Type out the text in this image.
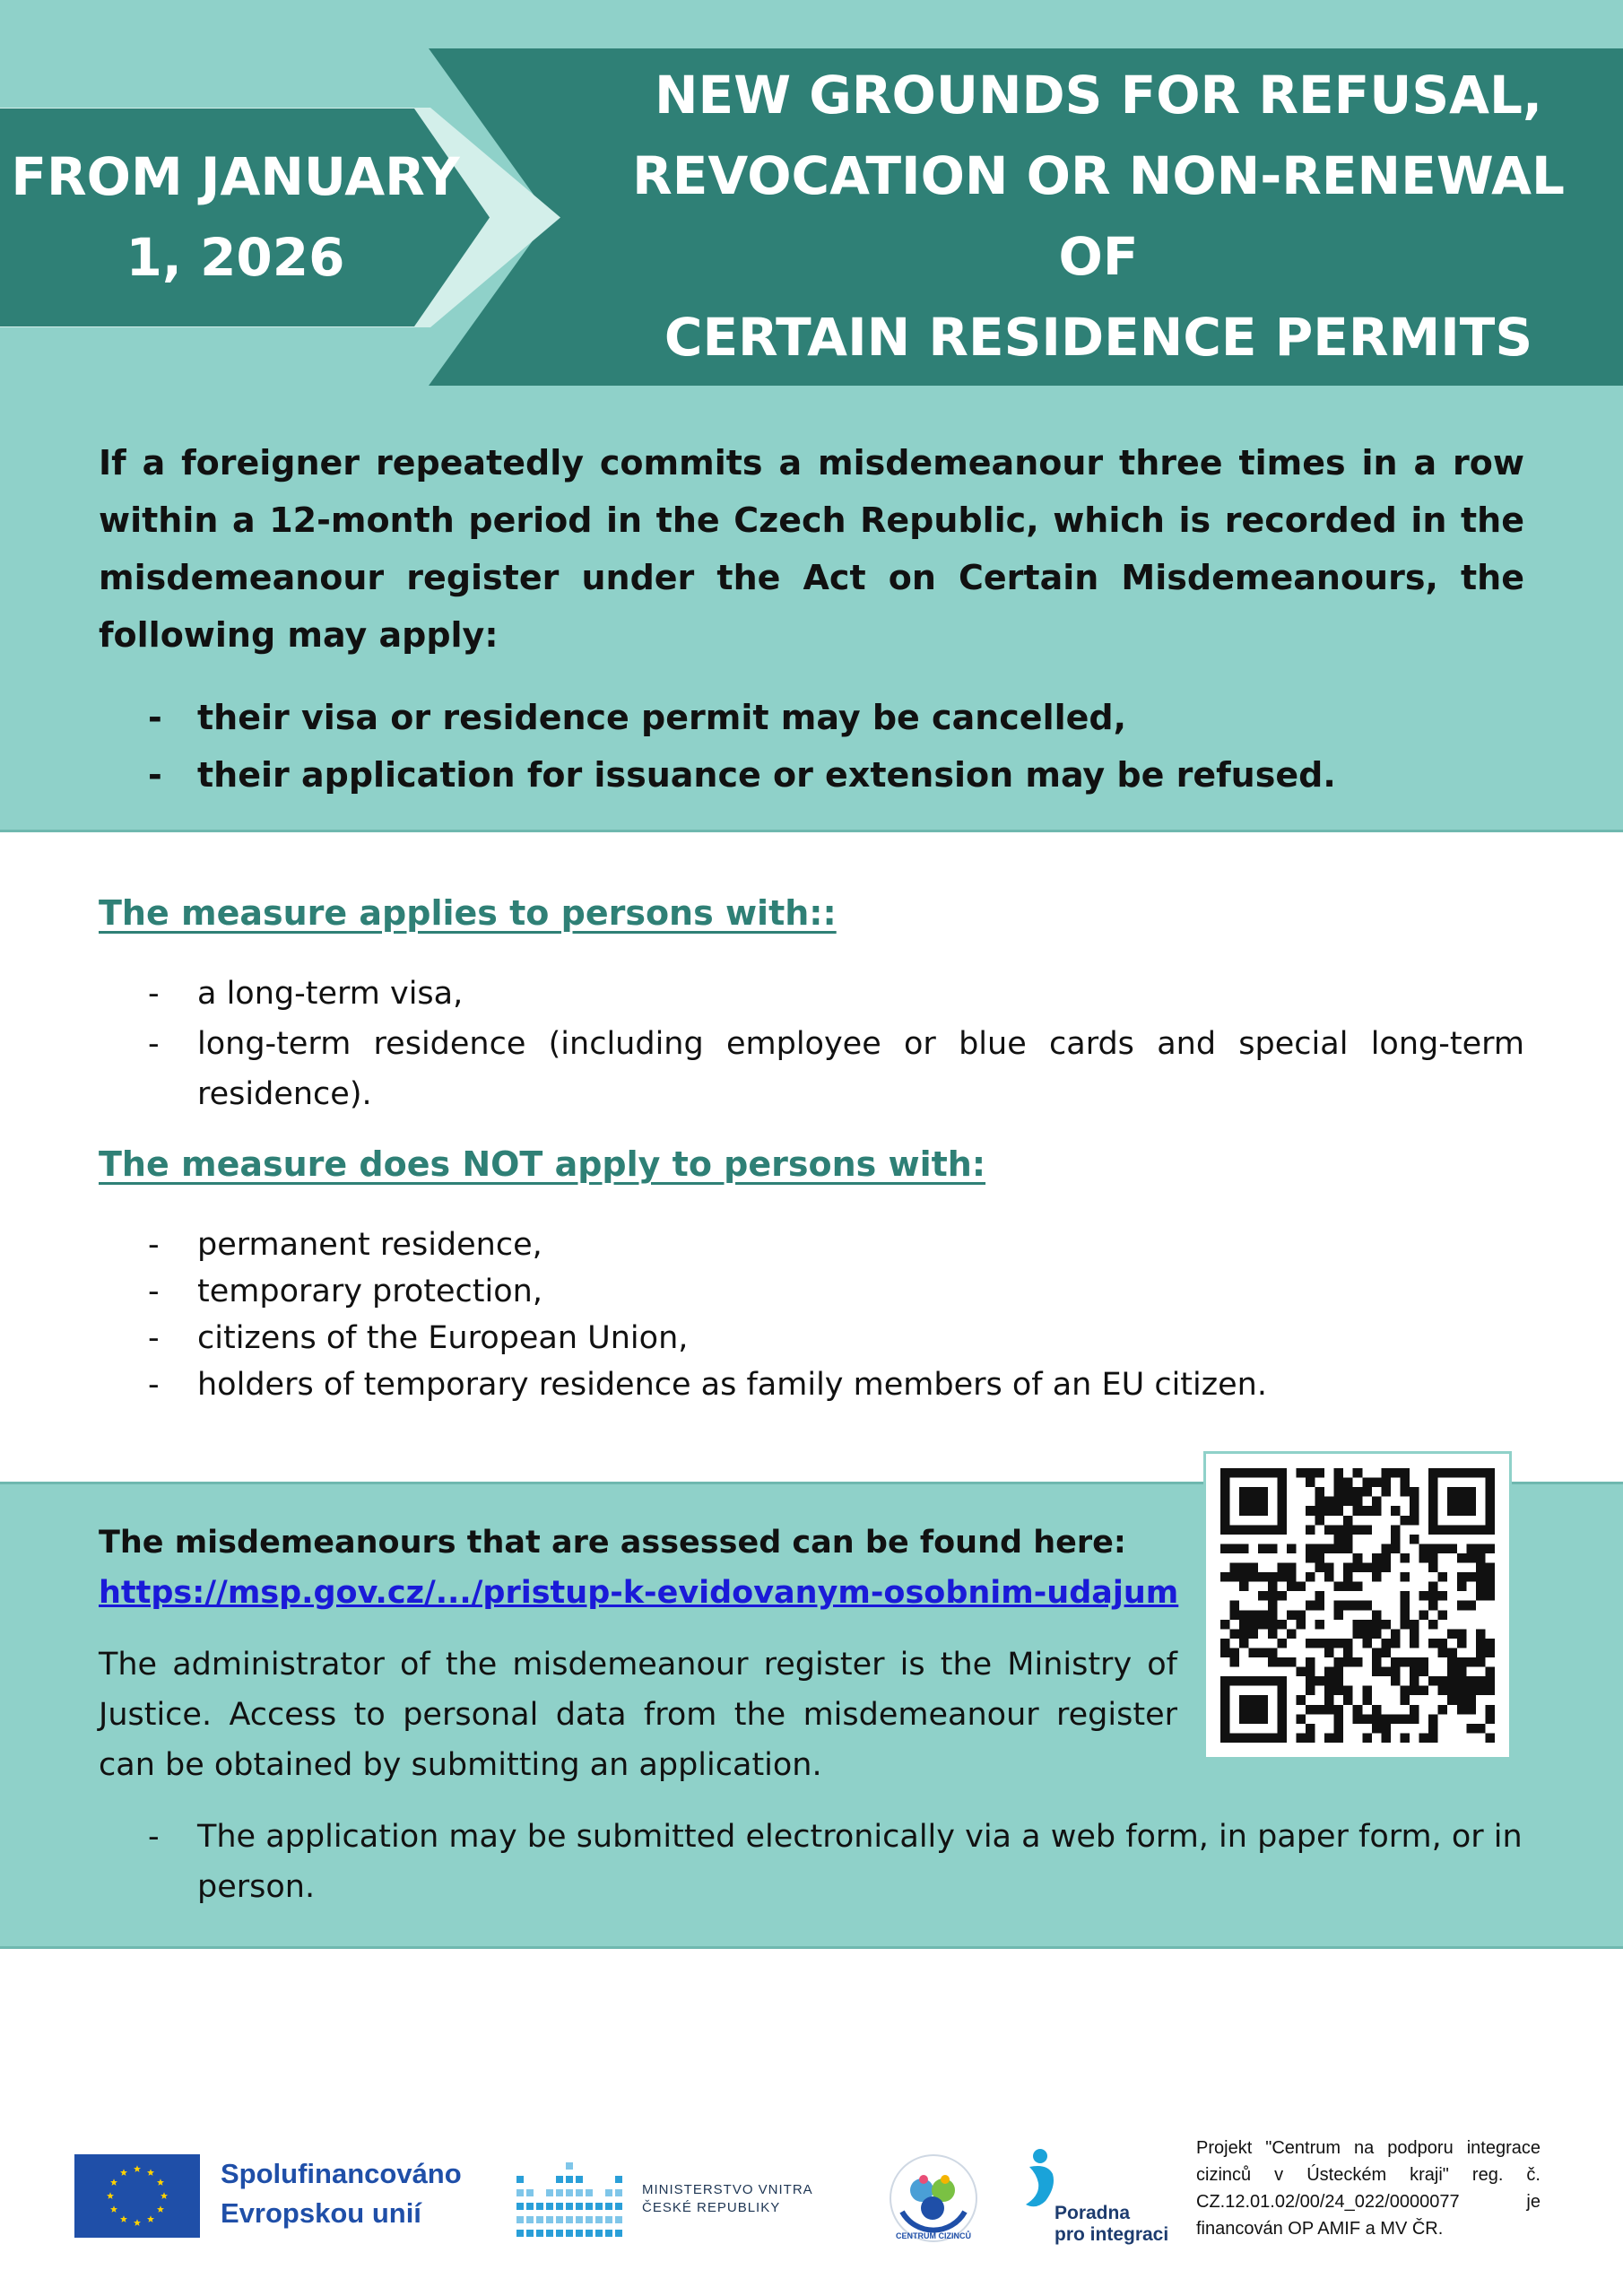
FROM JANUARY
1, 2026
NEW GROUNDS FOR REFUSAL,
REVOCATION OR NON-RENEWAL OF
CERTAIN RESIDENCE PERMITS

If a foreigner repeatedly commits a misdemeanour three times in a row within a 12-month period in the Czech Republic, which is recorded in the misdemeanour register under the Act on Certain Misdemeanours, the following may apply:

- their visa or residence permit may be cancelled,
- their application for issuance or extension may be refused.
The measure applies to persons with::
- a long-term visa,
- long-term residence (including employee or blue cards and special long-term residence).
The measure does NOT apply to persons with:
- permanent residence,
- temporary protection,
- citizens of the European Union,
- holders of temporary residence as family members of an EU citizen.
The misdemeanours that are assessed can be found here:
https://msp.gov.cz/.../pristup-k-evidovanym-osobnim-udajum

The administrator of the misdemeanour register is the Ministry of Justice. Access to personal data from the misdemeanour register can be obtained by submitting an application.

- The application may be submitted electronically via a web form, in paper form, or in person.
Spolufinancováno
Evropskou unií
MINISTERSTVO VNITRA
ČESKÉ REPUBLIKY
CENTRUM CIZINCŮ
Poradna
pro integraci

Projekt "Centrum na podporu integrace cizinců v Ústeckém kraji" reg. č. CZ.12.01.02/00/24_022/0000077 je financován OP AMIF a MV ČR.
